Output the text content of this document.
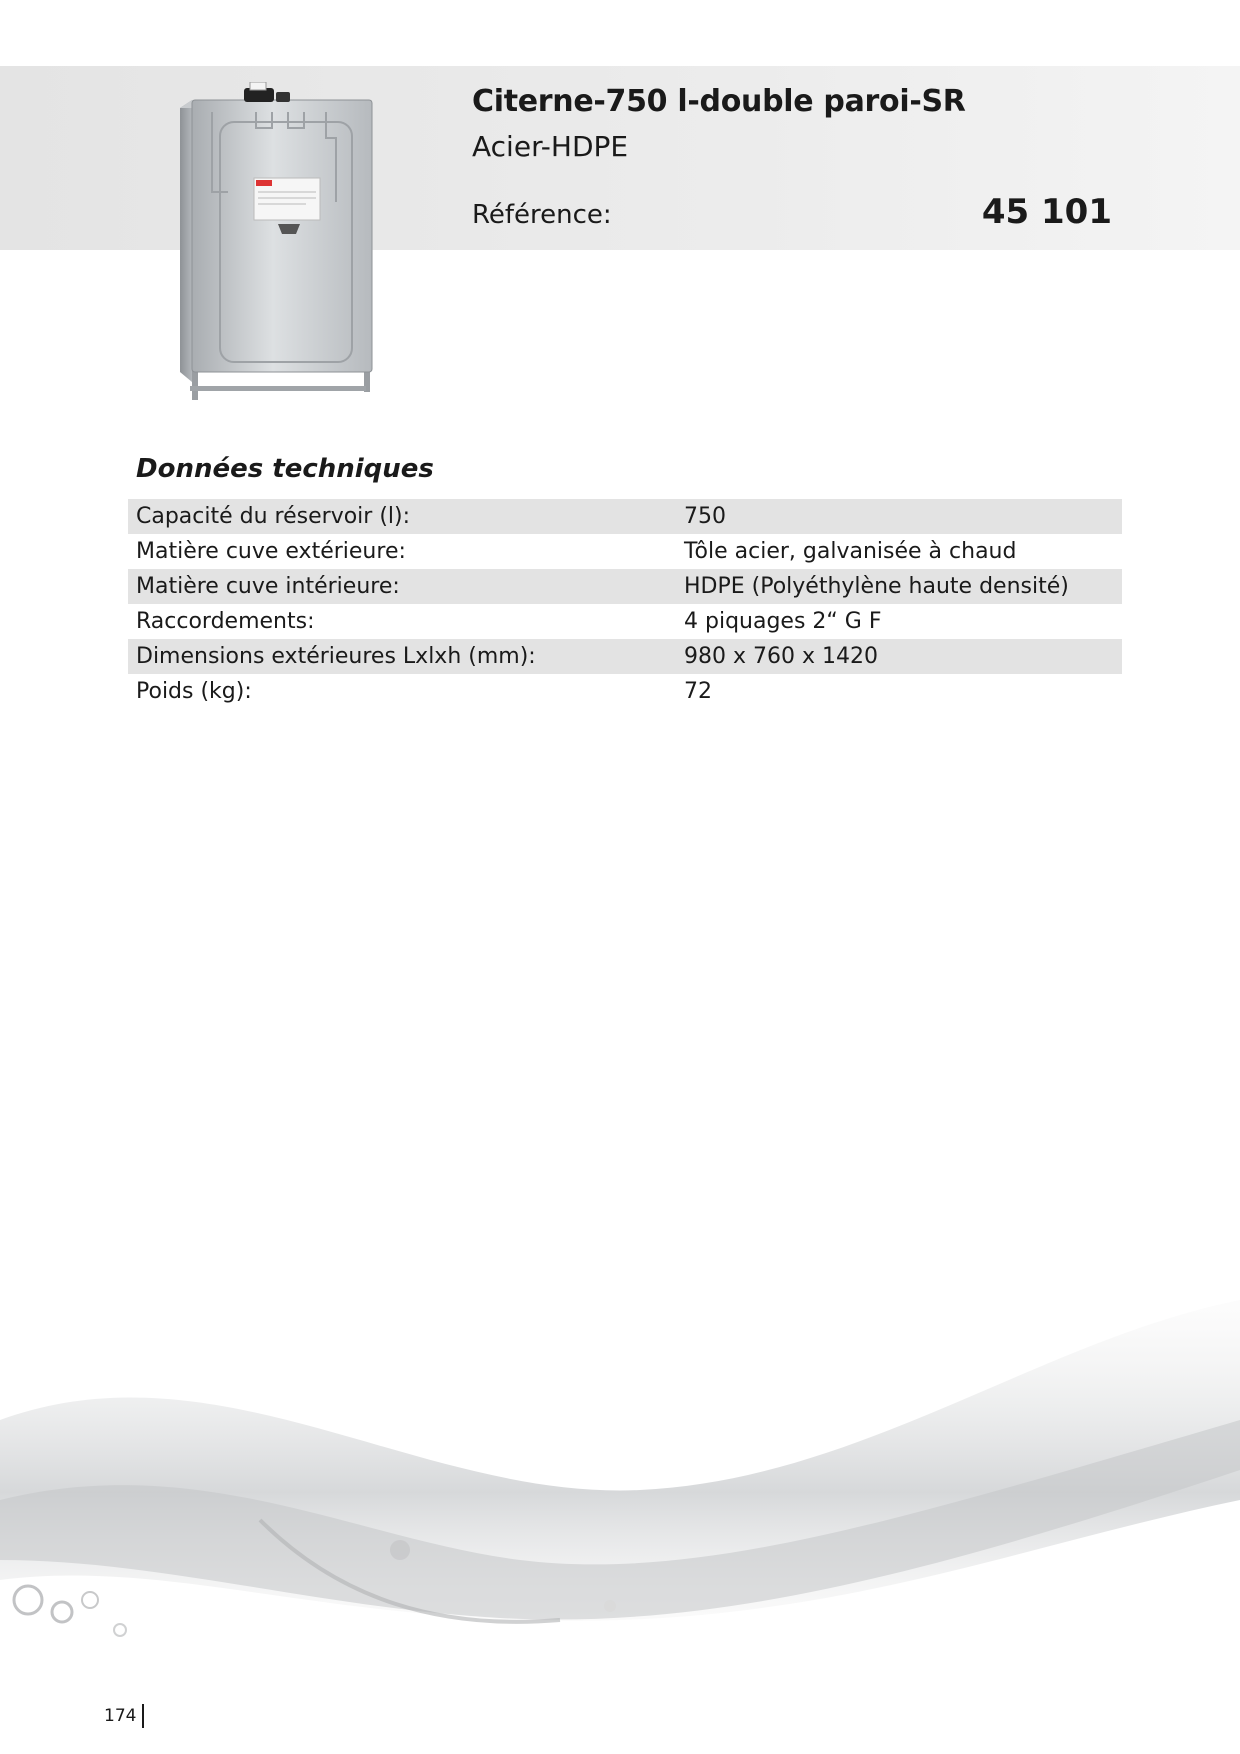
Citerne-750 l-double paroi-SR
Acier-HDPE
Référence:	45 101
Données techniques
Capacité du réservoir (l):	750
Matière cuve extérieure:	Tôle acier, galvanisée à chaud
Matière cuve intérieure:	HDPE (Polyéthylène haute densité)
Raccordements:	4 piquages 2“ G F
Dimensions extérieures Lxlxh (mm):	980 x 760 x 1420
Poids (kg):	72
174
